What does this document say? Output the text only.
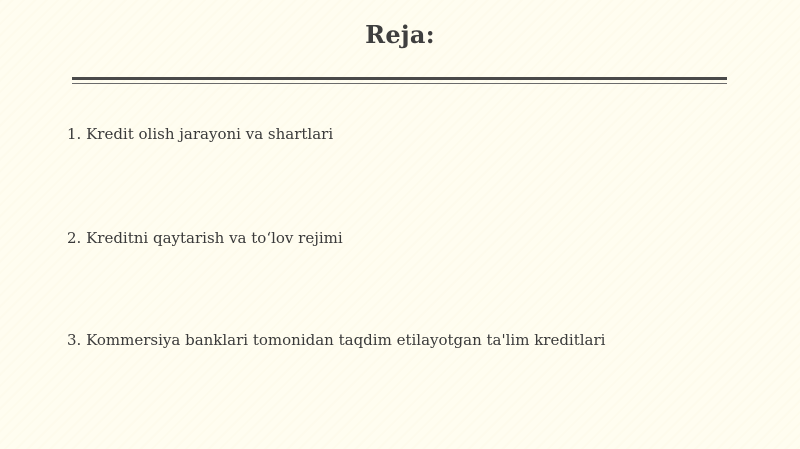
Reja:
1. Kredit olish jarayoni va shartlari
2. Kreditni qaytarish va to‘lov rejimi
3. Kommersiya banklari tomonidan taqdim etilayotgan ta'lim kreditlari
